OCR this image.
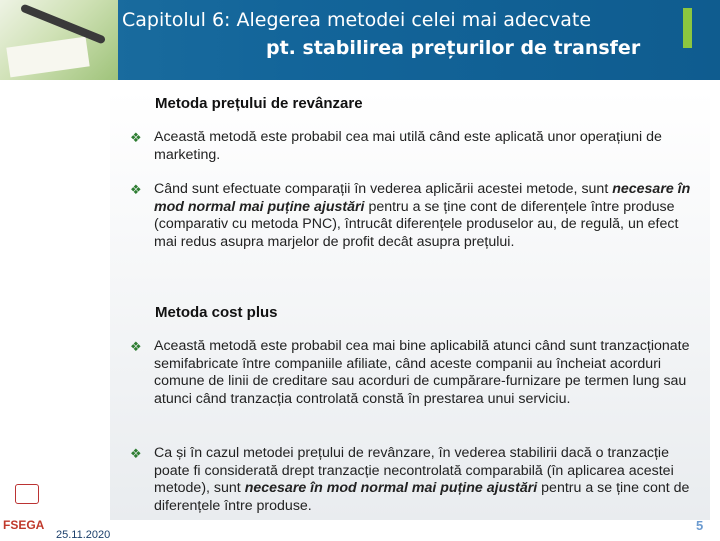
Capitolul 6: Alegerea metodei celei mai adecvate
pt. stabilirea prețurilor de transfer
Metoda prețului de revânzare
❖ Această metodă este probabil cea mai utilă când este aplicată unor operațiuni de marketing.
❖ Când sunt efectuate comparații în vederea aplicării acestei metode, sunt necesare în mod normal mai puține ajustări pentru a se ține cont de diferențele între produse (comparativ cu metoda PNC), întrucât diferențele produselor au, de regulă, un efect mai redus asupra marjelor de profit decât asupra prețului.
Metoda cost plus
❖ Această metodă este probabil cea mai bine aplicabilă atunci când sunt tranzacționate semifabricate între companiile afiliate, când aceste companii au încheiat acorduri comune de linii de creditare sau acorduri de cumpărare-furnizare pe termen lung sau atunci când tranzacția controlată constă în prestarea unui serviciu.
❖ Ca și în cazul metodei prețului de revânzare, în vederea stabilirii dacă o tranzacție poate fi considerată drept tranzacție necontrolată comparabilă (în aplicarea acestei metode), sunt necesare în mod normal mai puține ajustări pentru a se ține cont de diferențele între produse.
FSEGA
25.11.2020
5
